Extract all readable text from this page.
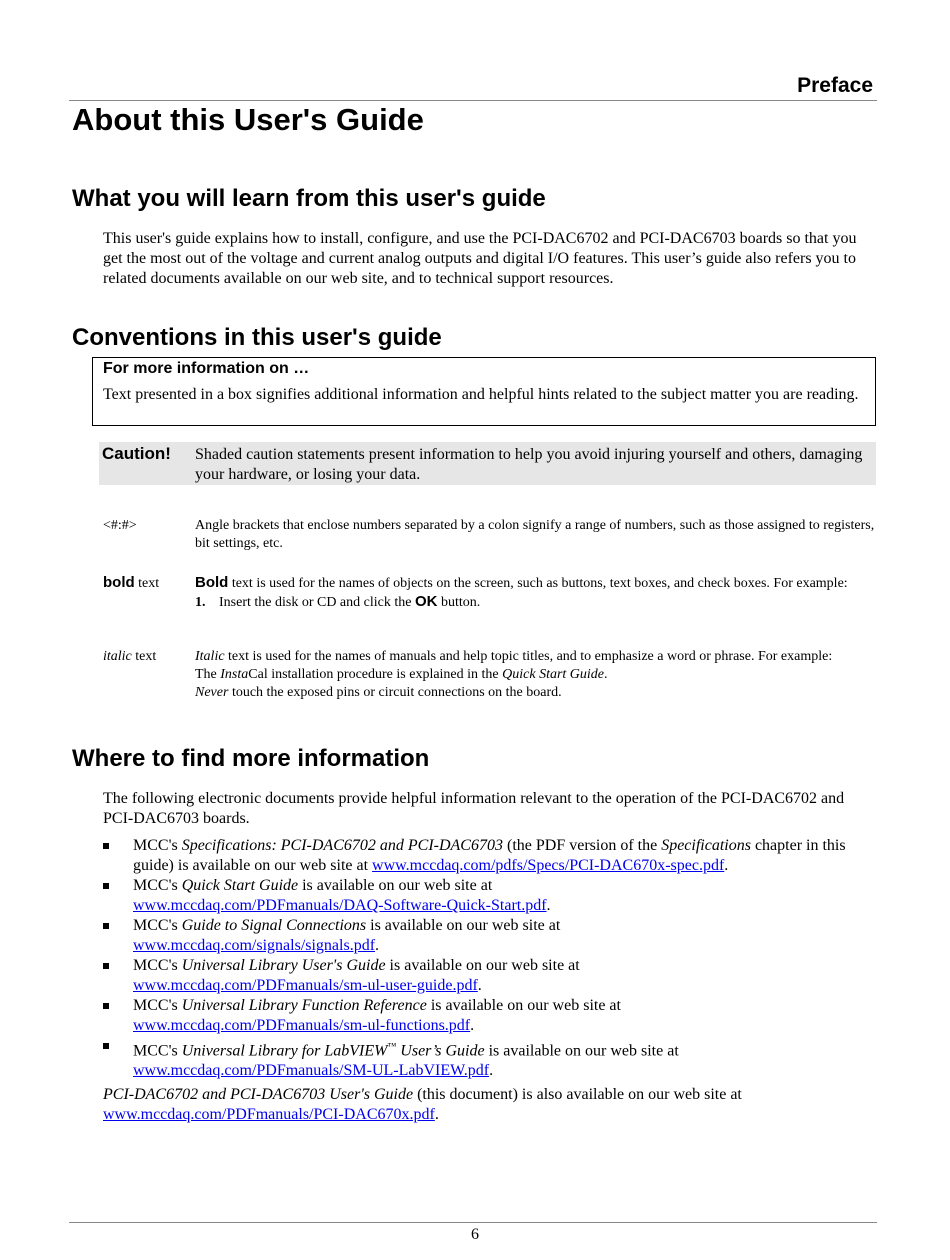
Preface
About this User's Guide
What you will learn from this user's guide

This user's guide explains how to install, configure, and use the PCI-DAC6702 and PCI-DAC6703 boards so that you get the most out of the voltage and current analog outputs and digital I/O features. This user’s guide also refers you to related documents available on our web site, and to technical support resources.

Conventions in this user's guide
For more information on …
Text presented in a box signifies additional information and helpful hints related to the subject matter you are reading.
Caution! Shaded caution statements present information to help you avoid injuring yourself and others, damaging your hardware, or losing your data.
<#:#>	Angle brackets that enclose numbers separated by a colon signify a range of numbers, such as those assigned to registers, bit settings, etc.
bold text Bold text is used for the names of objects on the screen, such as buttons, text boxes, and check boxes. For example:
1. Insert the disk or CD and click the OK button.
italic text	Italic text is used for the names of manuals and help topic titles, and to emphasize a word or phrase. For example:
The InstaCal installation procedure is explained in the Quick Start Guide.
Never touch the exposed pins or circuit connections on the board.
Where to find more information

The following electronic documents provide helpful information relevant to the operation of the PCI-DAC6702 and PCI-DAC6703 boards.

MCC's Specifications: PCI-DAC6702 and PCI-DAC6703 (the PDF version of the Specifications chapter in this guide) is available on our web site at www.mccdaq.com/pdfs/Specs/PCI-DAC670x-spec.pdf.
MCC's Quick Start Guide is available on our web site at
www.mccdaq.com/PDFmanuals/DAQ-Software-Quick-Start.pdf.
MCC's Guide to Signal Connections is available on our web site at
www.mccdaq.com/signals/signals.pdf.
MCC's Universal Library User's Guide is available on our web site at
www.mccdaq.com/PDFmanuals/sm-ul-user-guide.pdf.
MCC's Universal Library Function Reference is available on our web site at
www.mccdaq.com/PDFmanuals/sm-ul-functions.pdf.
MCC's Universal Library for LabVIEW™ User’s Guide is available on our web site at
www.mccdaq.com/PDFmanuals/SM-UL-LabVIEW.pdf.

PCI-DAC6702 and PCI-DAC6703 User's Guide (this document) is also available on our web site at
www.mccdaq.com/PDFmanuals/PCI-DAC670x.pdf.

6
